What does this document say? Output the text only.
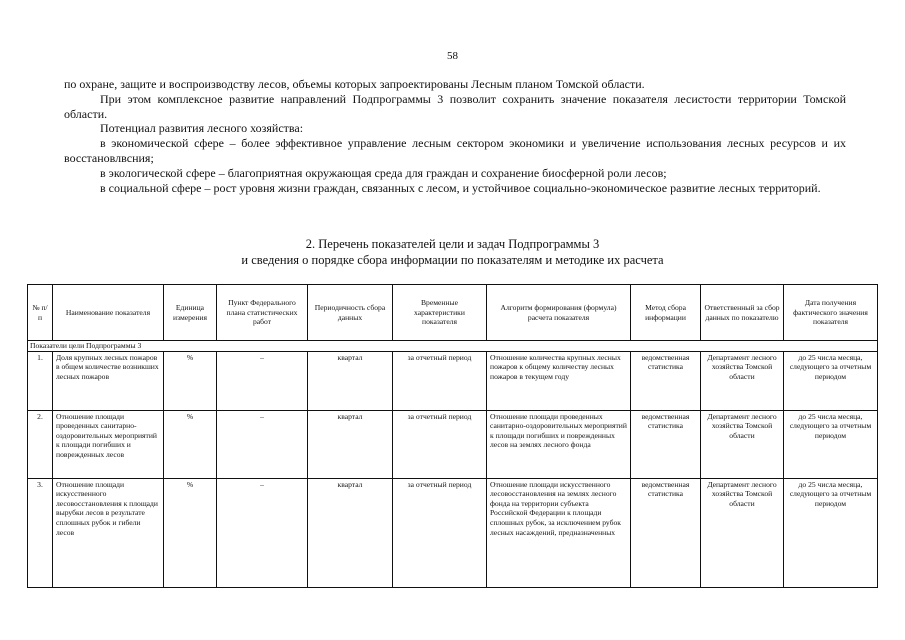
58

по охране, защите и воспроизводству лесов, объемы которых запроектированы Лесным планом Томской области.

При этом комплексное развитие направлений Подпрограммы 3 позволит сохранить значение показателя лесистости территории Томской области.

Потенциал развития лесного хозяйства:

в экономической сфере – более эффективное управление лесным сектором экономики и увеличение использования лесных ресурсов и их восстановлвсния;

в экологической сфере – благоприятная окружающая среда для граждан и сохранение биосферной роли лесов;

в социальной сфере – рост уровня жизни граждан, связанных с лесом, и устойчивое социально-экономическое развитие лесных территорий.

2. Перечень показателей цели и задач Подпрограммы 3
и сведения о порядке сбора информации по показателям и методике их расчета
№ п/п	Наименование показателя	Единица измерения	Пункт Федерального плана статистических работ	Периодичность сбора данных	Временные характеристики показателя	Алгоритм формирования (формула) расчета показателя	Метод сбора информации	Ответственный за сбор данных по показателю	Дата получения фактического значения показателя
Показатели цели Подпрограммы 3									
1.	Доля крупных лесных пожаров в общем количестве возникших лесных пожаров	%	–	квартал	за отчетный период	Отношение количества крупных лесных пожаров к общему количеству лесных пожаров в текущем году	ведомственная статистика	Департамент лесного хозяйства Томской области	до 25 числа месяца, следующего за отчетным периодом
2.	Отношение площади проведенных санитарно-оздоровительных мероприятий к площади погибших и поврежденных лесов	%	–	квартал	за отчетный период	Отношение площади проведенных санитарно-оздоровительных мероприятий к площади погибших и поврежденных лесов на землях лесного фонда	ведомственная статистика	Департамент лесного хозяйства Томской области	до 25 числа месяца, следующего за отчетным периодом
3.	Отношение площади искусственного лесовосстановления к площади вырубки лесов в результате сплошных рубок и гибели лесов	%	–	квартал	за отчетный период	Отношение площади искусственного лесовосстановления на землях лесного фонда на территории субъекта Российской Федерации к площади сплошных рубок, за исключением рубок лесных насаждений, предназначенных	ведомственная статистика	Департамент лесного хозяйства Томской области	до 25 числа месяца, следующего за отчетным периодом
